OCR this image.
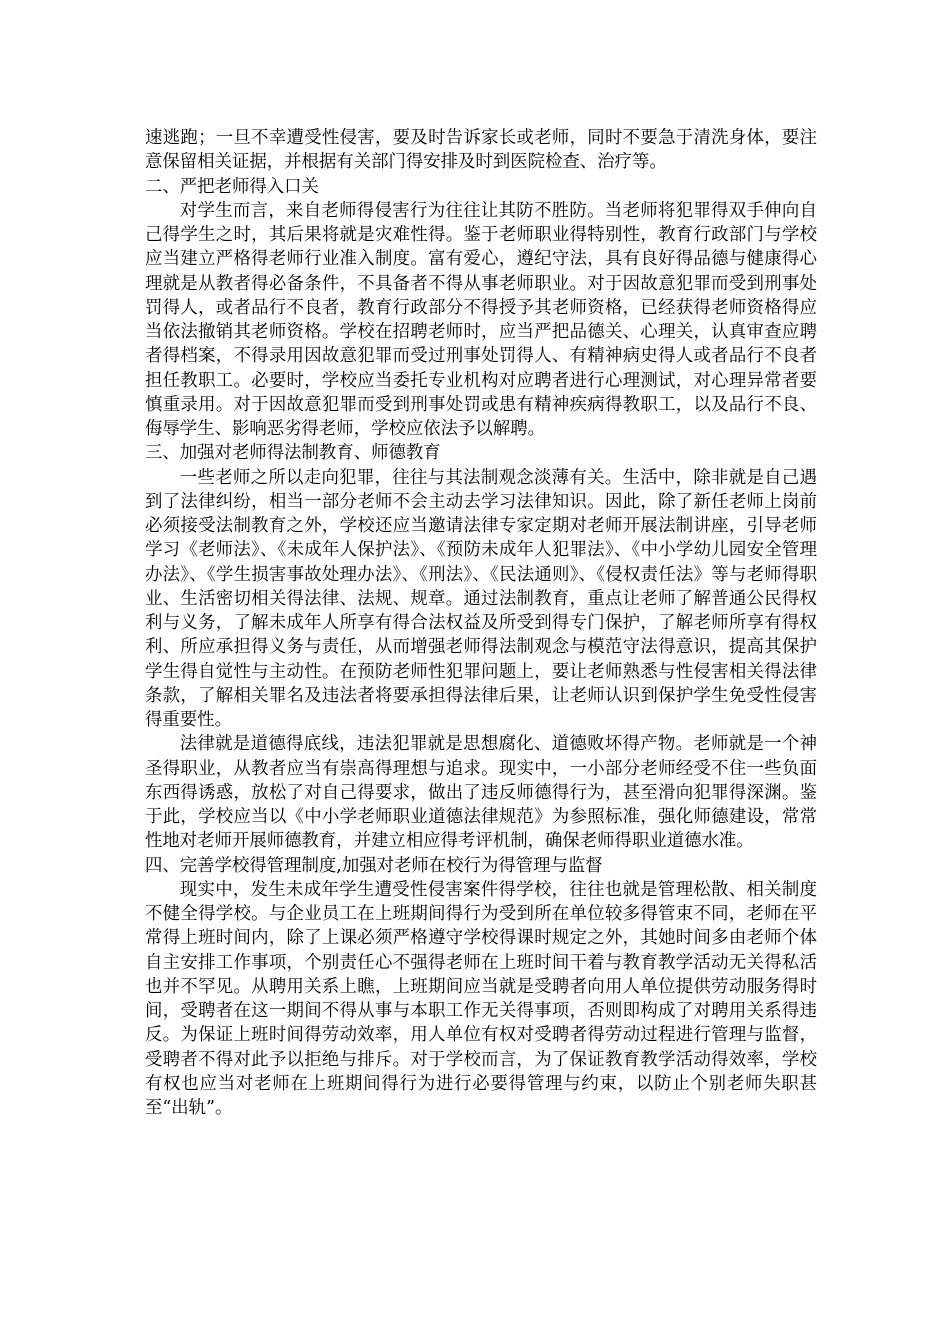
速逃跑；一旦不幸遭受性侵害，要及时告诉家长或老师，同时不要急于清洗身体，要注意保留相关证据，并根据有关部门得安排及时到医院检查、治疗等。

二、严把老师得入口关

对学生而言，来自老师得侵害行为往往让其防不胜防。当老师将犯罪得双手伸向自己得学生之时，其后果将就是灾难性得。鉴于老师职业得特别性，教育行政部门与学校应当建立严格得老师行业准入制度。富有爱心，遵纪守法，具有良好得品德与健康得心理就是从教者得必备条件，不具备者不得从事老师职业。对于因故意犯罪而受到刑事处罚得人，或者品行不良者，教育行政部分不得授予其老师资格，已经获得老师资格得应当依法撤销其老师资格。学校在招聘老师时，应当严把品德关、心理关，认真审查应聘者得档案，不得录用因故意犯罪而受过刑事处罚得人、有精神病史得人或者品行不良者担任教职工。必要时，学校应当委托专业机构对应聘者进行心理测试，对心理异常者要慎重录用。对于因故意犯罪而受到刑事处罚或患有精神疾病得教职工，以及品行不良、侮辱学生、影响恶劣得老师，学校应依法予以解聘。

三、加强对老师得法制教育、师德教育

一些老师之所以走向犯罪，往往与其法制观念淡薄有关。生活中，除非就是自己遇到了法律纠纷，相当一部分老师不会主动去学习法律知识。因此，除了新任老师上岗前必须接受法制教育之外，学校还应当邀请法律专家定期对老师开展法制讲座，引导老师学习《老师法》、《未成年人保护法》、《预防未成年人犯罪法》、《中小学幼儿园安全管理办法》、《学生损害事故处理办法》、《刑法》、《民法通则》、《侵权责任法》等与老师得职业、生活密切相关得法律、法规、规章。通过法制教育，重点让老师了解普通公民得权利与义务，了解未成年人所享有得合法权益及所受到得专门保护，了解老师所享有得权利、所应承担得义务与责任，从而增强老师得法制观念与模范守法得意识，提高其保护学生得自觉性与主动性。在预防老师性犯罪问题上，要让老师熟悉与性侵害相关得法律条款，了解相关罪名及违法者将要承担得法律后果，让老师认识到保护学生免受性侵害得重要性。

法律就是道德得底线，违法犯罪就是思想腐化、道德败坏得产物。老师就是一个神圣得职业，从教者应当有崇高得理想与追求。现实中，一小部分老师经受不住一些负面东西得诱惑，放松了对自己得要求，做出了违反师德得行为，甚至滑向犯罪得深渊。鉴于此，学校应当以《中小学老师职业道德法律规范》为参照标准，强化师德建设，常常性地对老师开展师德教育，并建立相应得考评机制，确保老师得职业道德水准。

四、完善学校得管理制度,加强对老师在校行为得管理与监督

现实中，发生未成年学生遭受性侵害案件得学校，往往也就是管理松散、相关制度不健全得学校。与企业员工在上班期间得行为受到所在单位较多得管束不同，老师在平常得上班时间内，除了上课必须严格遵守学校得课时规定之外，其她时间多由老师个体自主安排工作事项，个别责任心不强得老师在上班时间干着与教育教学活动无关得私活也并不罕见。从聘用关系上瞧，上班期间应当就是受聘者向用人单位提供劳动服务得时间，受聘者在这一期间不得从事与本职工作无关得事项，否则即构成了对聘用关系得违反。为保证上班时间得劳动效率，用人单位有权对受聘者得劳动过程进行管理与监督，受聘者不得对此予以拒绝与排斥。对于学校而言，为了保证教育教学活动得效率，学校有权也应当对老师在上班期间得行为进行必要得管理与约束，以防止个别老师失职甚至“出轨”。
